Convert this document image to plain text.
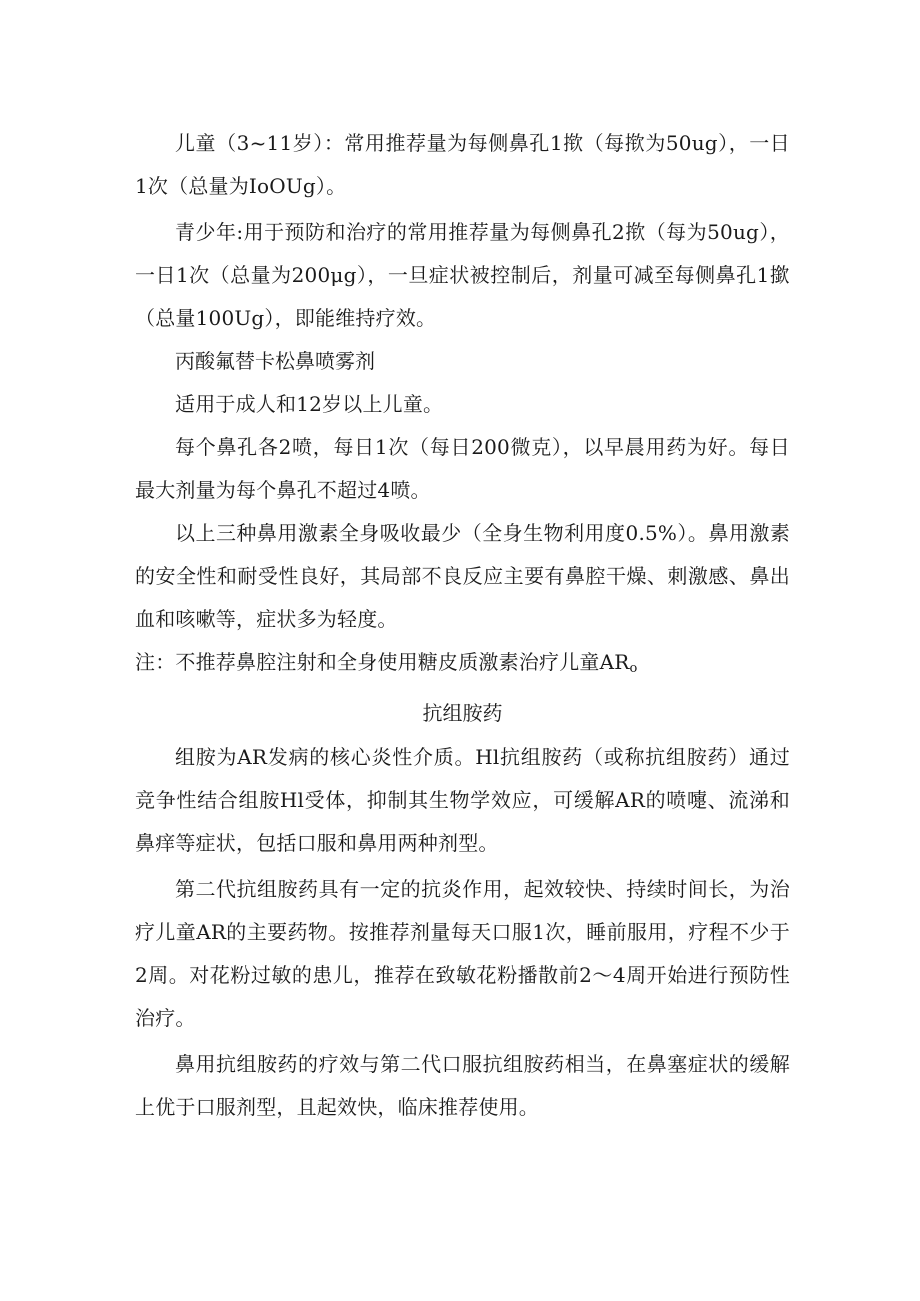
儿童（3~11岁）：常用推荐量为每侧鼻孔1揿（每揿为50ug），一日1次（总量为IoOUg）。

青少年:用于预防和治疗的常用推荐量为每侧鼻孔2揿（每为50ug），一日1次（总量为200μg），一旦症状被控制后，剂量可减至每侧鼻孔1撳（总量100Ug），即能维持疗效。

丙酸氟替卡松鼻喷雾剂

适用于成人和12岁以上儿童。

每个鼻孔各2喷，每日1次（每日200微克），以早晨用药为好。每日最大剂量为每个鼻孔不超过4喷。

以上三种鼻用激素全身吸收最少（全身生物利用度0.5%）。鼻用激素的安全性和耐受性良好，其局部不良反应主要有鼻腔干燥、刺激感、鼻出血和咳嗽等，症状多为轻度。

注：不推荐鼻腔注射和全身使用糖皮质激素治疗儿童ARo

抗组胺药

组胺为AR发病的核心炎性介质。Hl抗组胺药（或称抗组胺药）通过竞争性结合组胺Hl受体，抑制其生物学效应，可缓解AR的喷嚏、流涕和鼻痒等症状，包括口服和鼻用两种剂型。

第二代抗组胺药具有一定的抗炎作用，起效较快、持续时间长，为治疗儿童AR的主要药物。按推荐剂量每天口服1次，睡前服用，疗程不少于2周。对花粉过敏的患儿，推荐在致敏花粉播散前2～4周开始进行预防性治疗。

鼻用抗组胺药的疗效与第二代口服抗组胺药相当，在鼻塞症状的缓解上优于口服剂型，且起效快，临床推荐使用。
